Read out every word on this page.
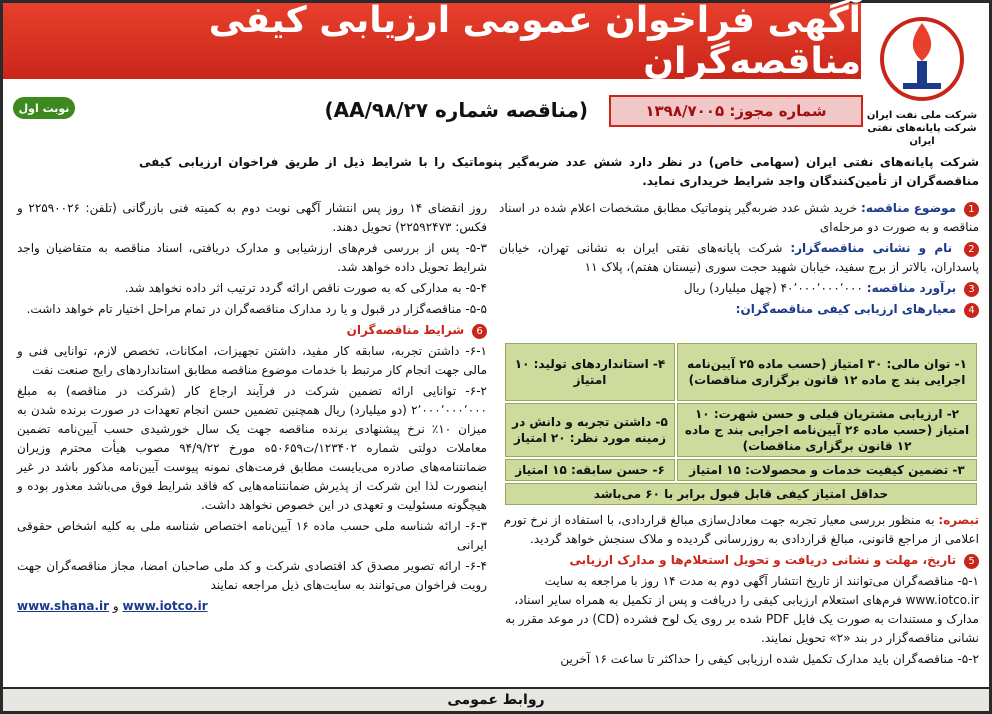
آگهی فراخوان عمومی ارزیابی کیفی مناقصه‌گران
شرکت ملی نفت ایران
شرکت پایانه‌های نفتی ایران
شماره مجوز: ۱۳۹۸/۷۰۰۵
(مناقصه شماره AA/۹۸/۲۷)
نوبت اول
شرکت پایانه‌های نفتی ایران (سهامی خاص) در نظر دارد شش عدد ضربه‌گیر پنوماتیک را با شرایط ذیل از طریق فراخوان ارزیابی کیفی مناقصه‌گران از تأمین‌کنندگان واجد شرایط خریداری نماید.
1 موضوع مناقصه: خرید شش عدد ضربه‌گیر پنوماتیک مطابق مشخصات اعلام شده در اسناد مناقصه و به صورت دو مرحله‌ای
2 نام و نشانی مناقصه‌گزار: شرکت پایانه‌های نفتی ایران به نشانی تهران، خیابان پاسداران، بالاتر از برج سفید، خیابان شهید حجت سوری (نیستان هفتم)، پلاک ۱۱
3 برآورد مناقصه: ۴۰٬۰۰۰٬۰۰۰٬۰۰۰ (چهل میلیارد) ریال
4 معیارهای ارزیابی کیفی مناقصه‌گران:
۱- توان مالی: ۳۰ امتیاز (حسب ماده ۲۵ آیین‌نامه اجرایی بند ج ماده ۱۲ قانون برگزاری مناقصات)
۴- استانداردهای تولید: ۱۰ امتیاز
۲- ارزیابی مشتریان قبلی و حسن شهرت: ۱۰ امتیاز (حسب ماده ۲۶ آیین‌نامه اجرایی بند ج ماده ۱۲ قانون برگزاری مناقصات)
۵- داشتن تجربه و دانش در زمینه مورد نظر: ۲۰ امتیاز
۳- تضمین کیفیت خدمات و محصولات: ۱۵ امتیاز
۶- حسن سابقه: ۱۵ امتیاز
حداقل امتیاز کیفی قابل قبول برابر با ۶۰ می‌باشد
تبصره: به منظور بررسی معیار تجربه جهت معادل‌سازی مبالغ قراردادی، با استفاده از نرخ تورم اعلامی از مراجع قانونی، مبالغ قراردادی به روزرسانی گردیده و ملاک سنجش خواهد گردید.
5 تاریخ، مهلت و نشانی دریافت و تحویل استعلام‌ها و مدارک ارزیابی
۵-۱- مناقصه‌گران می‌توانند از تاریخ انتشار آگهی دوم به مدت ۱۴ روز با مراجعه به سایت www.iotco.ir فرم‌های استعلام ارزیابی کیفی را دریافت و پس از تکمیل به همراه سایر اسناد، مدارک و مستندات به صورت یک فایل PDF شده بر روی یک لوح فشرده (CD) در موعد مقرر به نشانی مناقصه‌گزار در بند «۲» تحویل نمایند.
۵-۲- مناقصه‌گران باید مدارک تکمیل شده ارزیابی کیفی را حداکثر تا ساعت ۱۶ آخرین
روز انقضای ۱۴ روز پس انتشار آگهی نوبت دوم به کمیته فنی بازرگانی (تلفن: ۲۲۵۹۰۰۲۶ و فکس: ۲۲۵۹۲۴۷۳) تحویل دهند.
۵-۳- پس از بررسی فرم‌های ارزشیابی و مدارک دریافتی، اسناد مناقصه به متقاضیان واجد شرایط تحویل داده خواهد شد.
۵-۴- به مدارکی که به صورت ناقص ارائه گردد ترتیب اثر داده نخواهد شد.
۵-۵- مناقصه‌گزار در قبول و یا رد مدارک مناقصه‌گران در تمام مراحل اختیار تام خواهد داشت.
6 شرایط مناقصه‌گران
۶-۱- داشتن تجربه، سابقه کار مفید، داشتن تجهیزات، امکانات، تخصص لازم، توانایی فنی و مالی جهت انجام کار مرتبط با خدمات موضوع مناقصه مطابق استانداردهای رایج صنعت نفت
۶-۲- توانایی ارائه تضمین شرکت در فرآیند ارجاع کار (شرکت در مناقصه) به مبلغ ۲٬۰۰۰٬۰۰۰٬۰۰۰ (دو میلیارد) ریال همچنین تضمین حسن انجام تعهدات در صورت برنده شدن به میزان ۱۰٪ نرخ پیشنهادی برنده مناقصه جهت یک سال خورشیدی حسب آیین‌نامه تضمین معاملات دولتی شماره ۱۲۳۴۰۲/ت۵۰۶۵۹ه مورخ ۹۴/۹/۲۲ مصوب هیأت محترم وزیران ضمانتنامه‌های صادره می‌بایست مطابق فرمت‌های نمونه پیوست آیین‌نامه مذکور باشد در غیر اینصورت لذا این شرکت از پذیرش ضمانتنامه‌هایی که فاقد شرایط فوق می‌باشد معذور بوده و هیچگونه مسئولیت و تعهدی در این خصوص نخواهد داشت.
۶-۳- ارائه شناسه ملی حسب ماده ۱۶ آیین‌نامه اختصاص شناسه ملی به کلیه اشخاص حقوقی ایرانی
۶-۴- ارائه تصویر مصدق کد اقتصادی شرکت و کد ملی صاحبان امضا، مجاز مناقصه‌گران جهت رویت فراخوان می‌توانند به سایت‌های ذیل مراجعه نمایند
www.shana.ir و www.iotco.ir
روابط عمومی
